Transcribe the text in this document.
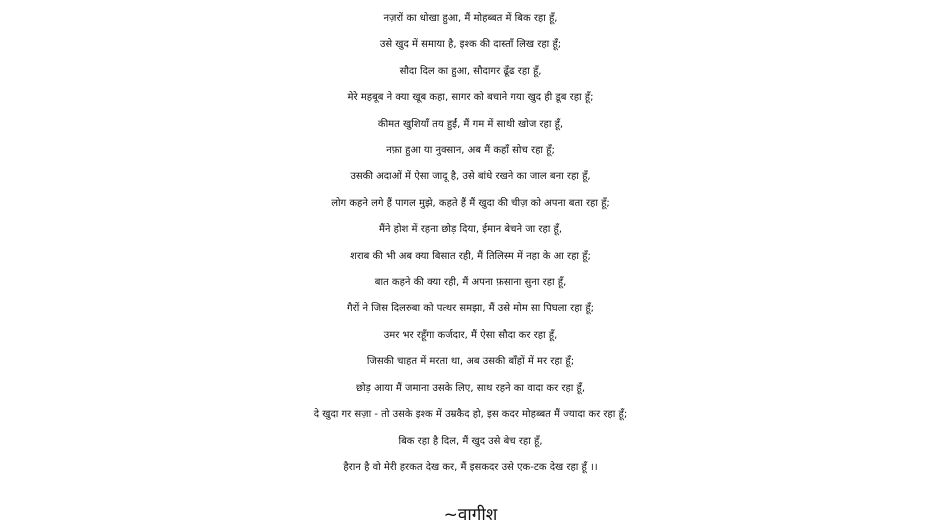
नज़रों का धोखा हुआ, मैं मोहब्बत में बिक रहा हूँ,
उसे खुद में समाया है, इश्क की दास्ताँ लिख रहा हूँ;
सौदा दिल का हुआ, सौदागर ढूँढ रहा हूँ,
मेरे महबूब ने क्या खूब कहा, सागर को बचाने गया खुद ही डूब रहा हूँ;
कीमत खुशियाँ तय हुईं, मैं गम में साथी खोज रहा हूँ,
नफ़ा हुआ या नुक्सान, अब मैं कहाँ सोच रहा हूँ;
उसकी अदाओं में ऐसा जादू है, उसे बांधे रखने का जाल बना रहा हूँ,
लोग कहने लगे हैं पागल मुझे, कहते हैं मैं खुदा की चीज़ को अपना बता रहा हूँ;
मैंने होश में रहना छोड़ दिया, ईमान बेचने जा रहा हूँ,
शराब की भी अब क्या बिसात रही, मैं तिलिस्म में नहा के आ रहा हूँ;
बात कहने की क्या रही, मैं अपना फ़साना सुना रहा हूँ,
गैरों ने जिस दिलरुबा को पत्थर समझा, मैं उसे मोम सा पिघला रहा हूँ;
उमर भर रहूँगा कर्जदार, मैं ऐसा सौदा कर रहा हूँ,
जिसकी चाहत में मरता था, अब उसकी बाँहों में मर रहा हूँ;
छोड़ आया मैं जमाना उसके लिए, साथ रहने का वादा कर रहा हूँ,
दे खुदा गर सज़ा - तो उसके इश्क में उम्रकैद हो, इस कदर मोहब्बत मैं ज्यादा कर रहा हूँ;
बिक रहा है दिल, मैं खुद उसे बेच रहा हूँ,
हैरान है वो मेरी हरकत देख कर, मैं इसकदर उसे एक-टक देख रहा हूँ ।।
~वागीश
